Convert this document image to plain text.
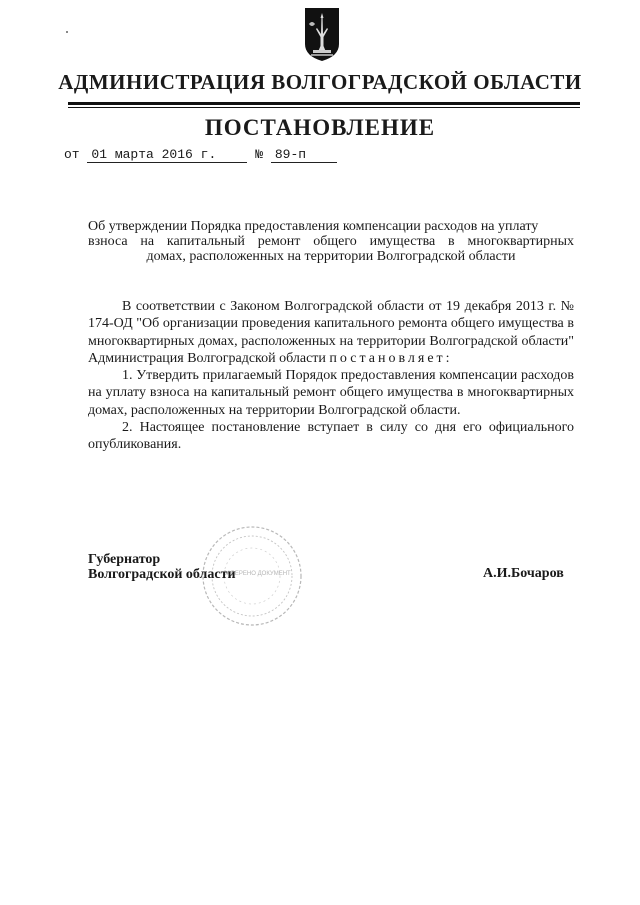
АДМИНИСТРАЦИЯ ВОЛГОГРАДСКОЙ ОБЛАСТИ
ПОСТАНОВЛЕНИЕ
от 01 марта 2016 г.	№ 89-п
Об утверждении Порядка предоставления компенсации расходов на уплату
взноса на капитальный ремонт общего имущества в многоквартирных
домах, расположенных на территории Волгоградской области

В соответствии с Законом Волгоградской области от 19 декабря 2013 г. № 174-ОД "Об организации проведения капитального ремонта общего имущества в многоквартирных домах, расположенных на территории Волгоградской области" Администрация Волгоградской области постановляет:

1. Утвердить прилагаемый Порядок предоставления компенсации расходов на уплату взноса на капитальный ремонт общего имущества в многоквартирных домах, расположенных на территории Волгоградской области.

2. Настоящее постановление вступает в силу со дня его официального опубликования.

ЗАВЕРЕНО ДОКУМЕНТ
Губернатор
Волгоградской области	А.И.Бочаров
